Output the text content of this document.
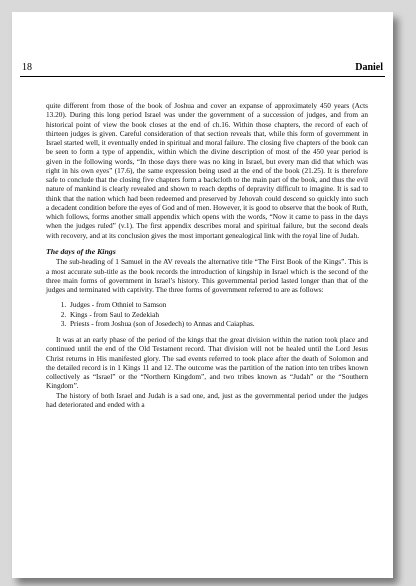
18	Daniel

quite different from those of the book of Joshua and cover an expanse of approximately 450 years (Acts 13.20). During this long period Israel was under the government of a succession of judges, and from an historical point of view the book closes at the end of ch.16. Within those chapters, the record of each of thirteen judges is given. Careful consideration of that section reveals that, while this form of government in Israel started well, it eventually ended in spiritual and moral failure. The closing five chapters of the book can be seen to form a type of appendix, within which the divine description of most of the 450 year period is given in the following words, “In those days there was no king in Israel, but every man did that which was right in his own eyes” (17.6), the same expression being used at the end of the book (21.25). It is therefore safe to conclude that the closing five chapters form a backcloth to the main part of the book, and thus the evil nature of mankind is clearly revealed and shown to reach depths of depravity difficult to imagine. It is sad to think that the nation which had been redeemed and preserved by Jehovah could descend so quickly into such a decadent condition before the eyes of God and of men. However, it is good to observe that the book of Ruth, which follows, forms another small appendix which opens with the words, “Now it came to pass in the days when the judges ruled” (v.1). The first appendix describes moral and spiritual failure, but the second deals with recovery, and at its conclusion gives the most important genealogical link with the royal line of Judah.

The days of the Kings

The sub-heading of 1 Samuel in the AV reveals the alternative title “The First Book of the Kings”. This is a most accurate sub-title as the book records the introduction of kingship in Israel which is the second of the three main forms of government in Israel’s history. This governmental period lasted longer than that of the judges and terminated with captivity. The three forms of government referred to are as follows:

1. Judges - from Othniel to Samson
2. Kings - from Saul to Zedekiah
3. Priests - from Joshua (son of Josedech) to Annas and Caiaphas.

It was at an early phase of the period of the kings that the great division within the nation took place and continued until the end of the Old Testament record. That division will not be healed until the Lord Jesus Christ returns in His manifested glory. The sad events referred to took place after the death of Solomon and the detailed record is in 1 Kings 11 and 12. The outcome was the partition of the nation into ten tribes known collectively as “Israel” or the “Northern Kingdom”, and two tribes known as “Judah” or the “Southern Kingdom”.

The history of both Israel and Judah is a sad one, and, just as the governmental period under the judges had deteriorated and ended with a
